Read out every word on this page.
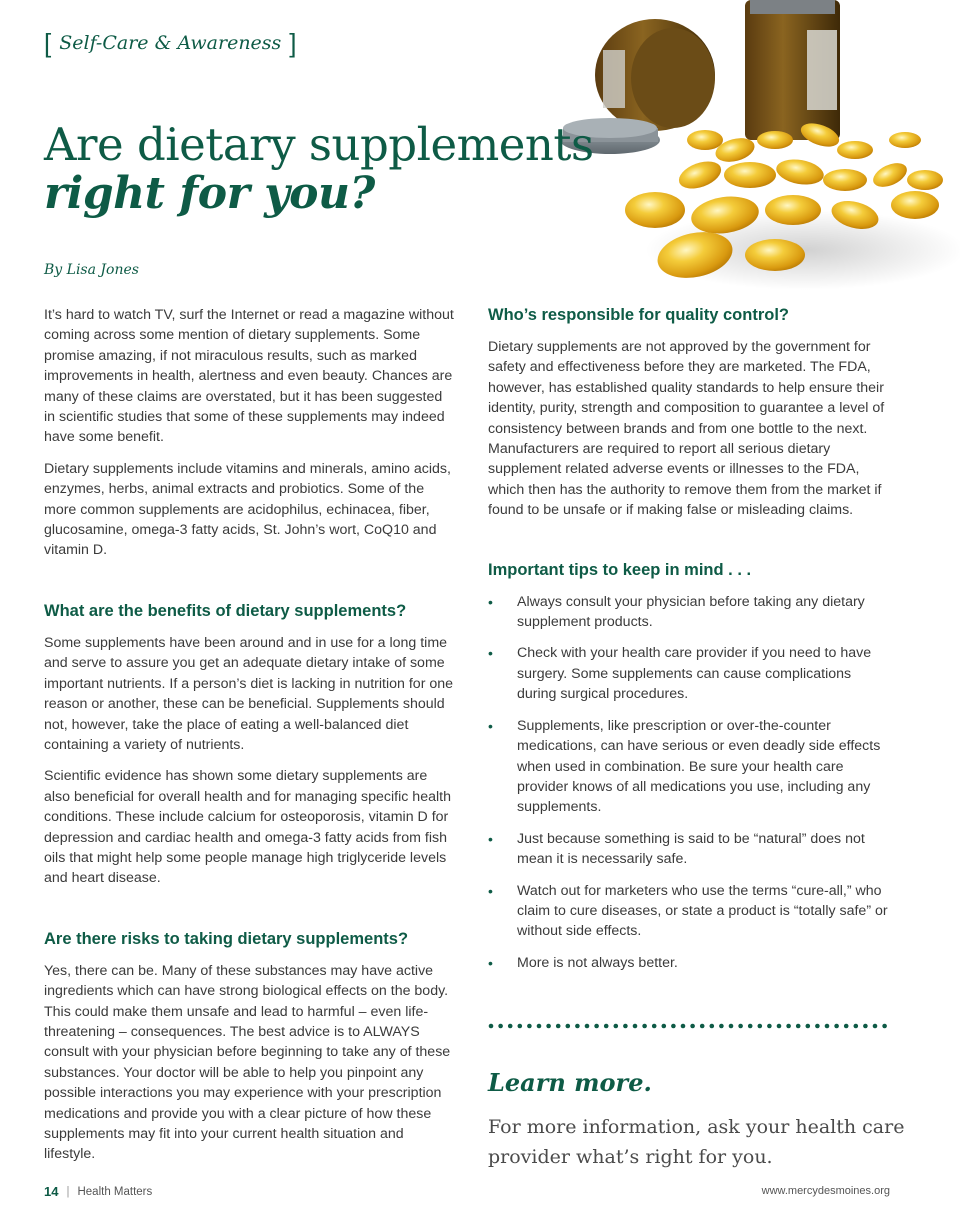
[ Self-Care & Awareness ]
Are dietary supplements
right for you?
By Lisa Jones

It’s hard to watch TV, surf the Internet or read a magazine without coming across some mention of dietary supplements. Some promise amazing, if not miraculous results, such as marked improvements in health, alertness and even beauty. Chances are many of these claims are overstated, but it has been suggested in scientific studies that some of these supplements may indeed have some benefit.

Dietary supplements include vitamins and minerals, amino acids, enzymes, herbs, animal extracts and probiotics. Some of the more common supplements are acidophilus, echinacea, fiber, glucosamine, omega-3 fatty acids, St. John’s wort, CoQ10 and vitamin D.

What are the benefits of dietary supplements?

Some supplements have been around and in use for a long time and serve to assure you get an adequate dietary intake of some important nutrients. If a person’s diet is lacking in nutrition for one reason or another, these can be beneficial. Supplements should not, however, take the place of eating a well-balanced diet containing a variety of nutrients.

Scientific evidence has shown some dietary supplements are also beneficial for overall health and for managing specific health conditions. These include calcium for osteoporosis, vitamin D for depression and cardiac health and omega-3 fatty acids from fish oils that might help some people manage high triglyceride levels and heart disease.

Are there risks to taking dietary supplements?

Yes, there can be. Many of these substances may have active ingredients which can have strong biological effects on the body. This could make them unsafe and lead to harmful – even life-threatening – consequences. The best advice is to ALWAYS consult with your physician before beginning to take any of these substances. Your doctor will be able to help you pinpoint any possible interactions you may experience with your prescription medications and provide you with a clear picture of how these supplements may fit into your current health situation and lifestyle.

Who’s responsible for quality control?

Dietary supplements are not approved by the government for safety and effectiveness before they are marketed. The FDA, however, has established quality standards to help ensure their identity, purity, strength and composition to guarantee a level of consistency between brands and from one bottle to the next. Manufacturers are required to report all serious dietary supplement related adverse events or illnesses to the FDA, which then has the authority to remove them from the market if found to be unsafe or if making false or misleading claims.

Important tips to keep in mind . . .
• Always consult your physician before taking any dietary supplement products.
• Check with your health care provider if you need to have surgery. Some supplements can cause complications during surgical procedures.
• Supplements, like prescription or over-the-counter medications, can have serious or even deadly side effects when used in combination. Be sure your health care provider knows of all medications you use, including any supplements.
• Just because something is said to be “natural” does not mean it is necessarily safe.
• Watch out for marketers who use the terms “cure-all,” who claim to cure diseases, or state a product is “totally safe” or without side effects.
• More is not always better.
Learn more.

For more information, ask your health care provider what’s right for you.

14 | Health Matters	www.mercydesmoines.org
